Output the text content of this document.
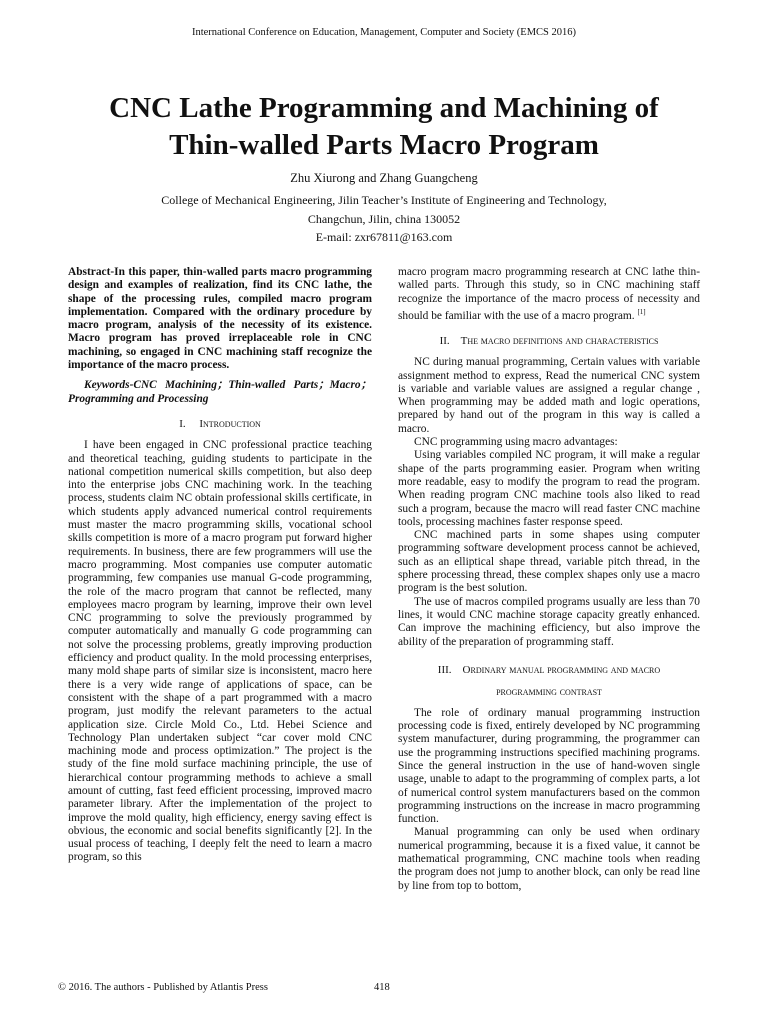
International Conference on Education, Management, Computer and Society (EMCS 2016)
CNC Lathe Programming and Machining of
Thin-walled Parts Macro Program
Zhu Xiurong and Zhang Guangcheng
College of Mechanical Engineering, Jilin Teacher’s Institute of Engineering and Technology,
Changchun, Jilin, china 130052
E-mail: zxr67811@163.com

Abstract-In this paper, thin-walled parts macro programming design and examples of realization, find its CNC lathe, the shape of the processing rules, compiled macro program implementation. Compared with the ordinary procedure by macro program, analysis of the necessity of its existence. Macro program has proved irreplaceable role in CNC machining, so engaged in CNC machining staff recognize the importance of the macro process.

Keywords-CNC Machining；Thin-walled Parts；Macro；Programming and Processing

I. Introduction

I have been engaged in CNC professional practice teaching and theoretical teaching, guiding students to participate in the national competition numerical skills competition, but also deep into the enterprise jobs CNC machining work. In the teaching process, students claim NC obtain professional skills certificate, in which students apply advanced numerical control requirements must master the macro programming skills, vocational school skills competition is more of a macro program put forward higher requirements. In business, there are few programmers will use the macro programming. Most companies use computer automatic programming, few companies use manual G-code programming, the role of the macro program that cannot be reflected, many employees macro program by learning, improve their own level CNC programming to solve the previously programmed by computer automatically and manually G code programming can not solve the processing problems, greatly improving production efficiency and product quality. In the mold processing enterprises, many mold shape parts of similar size is inconsistent, macro here there is a very wide range of applications of space, can be consistent with the shape of a part programmed with a macro program, just modify the relevant parameters to the actual application size. Circle Mold Co., Ltd. Hebei Science and Technology Plan undertaken subject “car cover mold CNC machining mode and process optimization.” The project is the study of the fine mold surface machining principle, the use of hierarchical contour programming methods to achieve a small amount of cutting, fast feed efficient processing, improved macro parameter library. After the implementation of the project to improve the mold quality, high efficiency, energy saving effect is obvious, the economic and social benefits significantly [2]. In the usual process of teaching, I deeply felt the need to learn a macro program, so this

macro program macro programming research at CNC lathe thin-walled parts. Through this study, so in CNC machining staff recognize the importance of the macro process of necessity and should be familiar with the use of a macro program. [1]

II. The macro definitions and characteristics

NC during manual programming, Certain values with variable assignment method to express, Read the numerical CNC system is variable and variable values are assigned a regular change , When programming may be added math and logic operations, prepared by hand out of the program in this way is called a macro.

CNC programming using macro advantages:

Using variables compiled NC program, it will make a regular shape of the parts programming easier. Program when writing more readable, easy to modify the program to read the program. When reading program CNC machine tools also liked to read such a program, because the macro will read faster CNC machine tools, processing machines faster response speed.

CNC machined parts in some shapes using computer programming software development process cannot be achieved, such as an elliptical shape thread, variable pitch thread, in the sphere processing thread, these complex shapes only use a macro program is the best solution.

The use of macros compiled programs usually are less than 70 lines, it would CNC machine storage capacity greatly enhanced. Can improve the machining efficiency, but also improve the ability of the preparation of programming staff.

III. Ordinary manual programming and macro
programming contrast

The role of ordinary manual programming instruction processing code is fixed, entirely developed by NC programming system manufacturer, during programming, the programmer can use the programming instructions specified machining programs. Since the general instruction in the use of hand-woven single usage, unable to adapt to the programming of complex parts, a lot of numerical control system manufacturers based on the common programming instructions on the increase in macro programming function.

Manual programming can only be used when ordinary numerical programming, because it is a fixed value, it cannot be mathematical programming, CNC machine tools when reading the program does not jump to another block, can only be read line by line from top to bottom,

© 2016. The authors - Published by Atlantis Press	418
